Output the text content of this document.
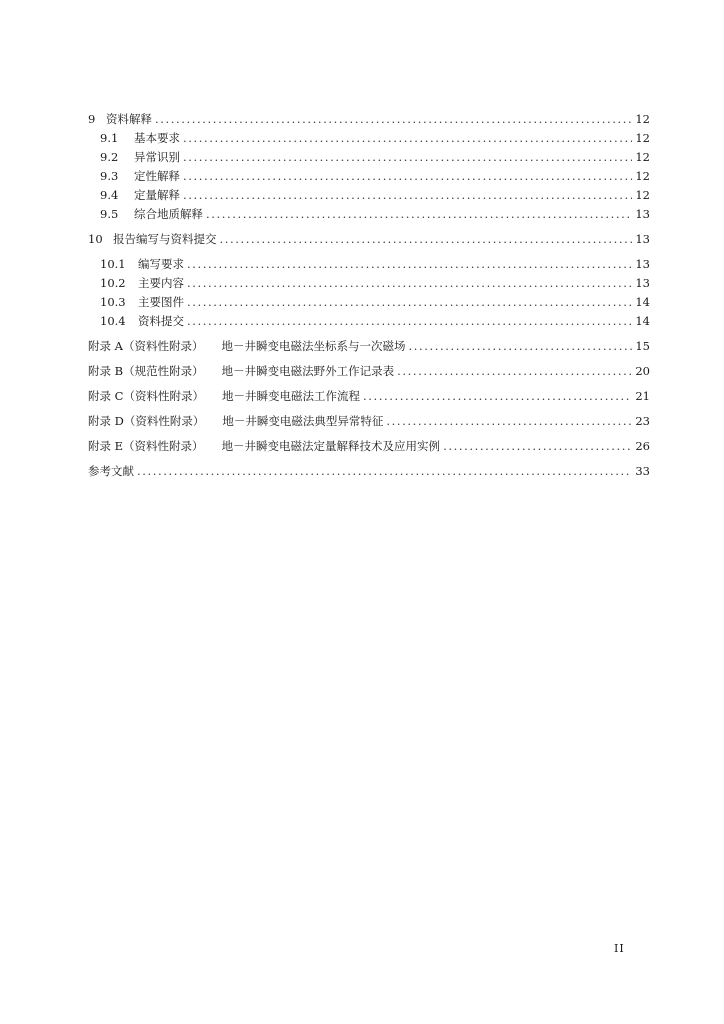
9 资料解释 .....	12
9.1	基本要求 .....	12
9.2	异常识别 .....	12
9.3	定性解释 .....	12
9.4	定量解释 .....	12
9.5	综合地质解释 .....	13
10 报告编写与资料提交 .....	13
10.1	编写要求 .....	13
10.2	主要内容 .....	13
10.3	主要图件 .....	14
10.4	资料提交 .....	14
附录 A（资料性附录）	地－井瞬变电磁法坐标系与一次磁场 .....	15
附录 B（规范性附录）	地－井瞬变电磁法野外工作记录表 .....	20
附录 C（资料性附录）	地－井瞬变电磁法工作流程 .....	21
附录 D（资料性附录）	地－井瞬变电磁法典型异常特征 .....	23
附录 E（资料性附录）	地－井瞬变电磁法定量解释技术及应用实例 .....	26
参考文献 .....	33
II
